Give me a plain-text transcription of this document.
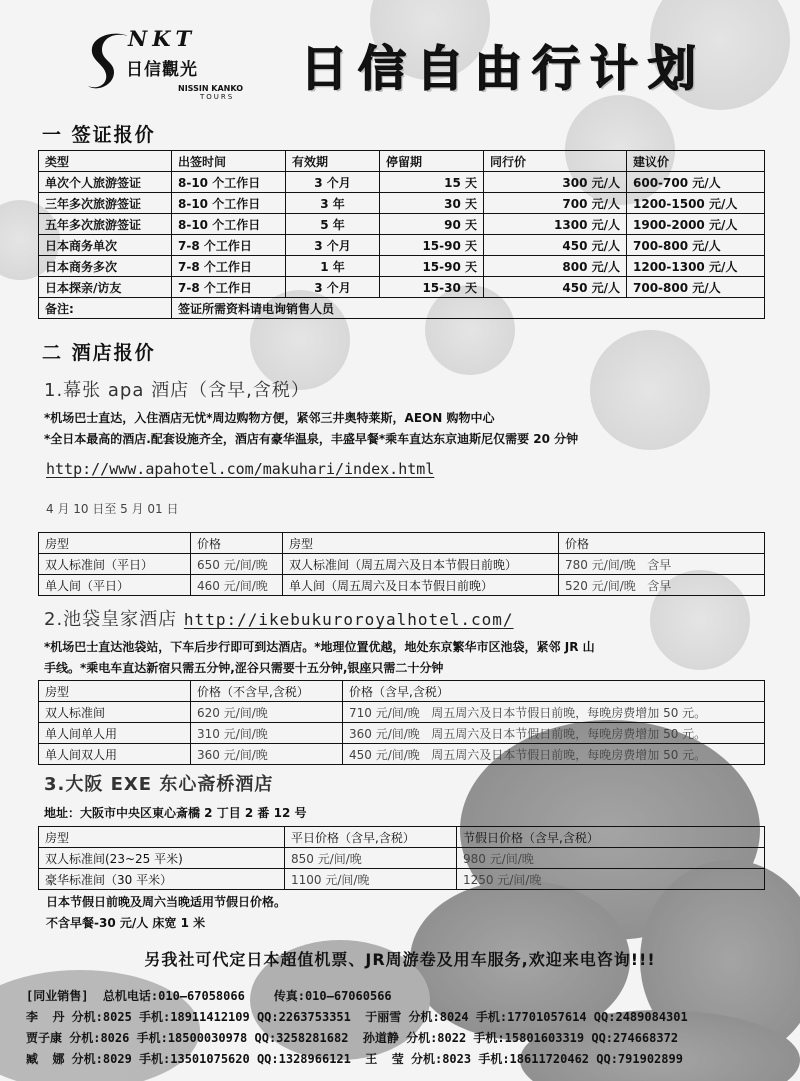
NKT
日信觀光
NISSIN KANKO
TOURS 日信自由行计划
一 签证报价
类型	出签时间	有效期	停留期	同行价	建议价
单次个人旅游签证	8-10 个工作日	3 个月	15 天	300 元/人	600-700 元/人
三年多次旅游签证	8-10 个工作日	3 年	30 天	700 元/人	1200-1500 元/人
五年多次旅游签证	8-10 个工作日	5 年	90 天	1300 元/人	1900-2000 元/人
日本商务单次	7-8 个工作日	3 个月	15-90 天	450 元/人	700-800 元/人
日本商务多次	7-8 个工作日	1 年	15-90 天	800 元/人	1200-1300 元/人
日本探亲/访友	7-8 个工作日	3 个月	15-30 天	450 元/人	700-800 元/人
备注:	签证所需资料请电询销售人员				
二 酒店报价
1.幕张 apa 酒店（含早,含税）
*机场巴士直达，入住酒店无忧*周边购物方便，紧邻三井奥特莱斯，AEON 购物中心
*全日本最高的酒店.配套设施齐全，酒店有豪华温泉，丰盛早餐*乘车直达东京迪斯尼仅需要 20 分钟
http://www.apahotel.com/makuhari/index.html
4 月 10 日至 5 月 01 日
房型	价格	房型	价格
双人标准间（平日）	650 元/间/晚	双人标准间（周五周六及日本节假日前晚）	780 元/间/晚   含早
单人间（平日）	460 元/间/晚	单人间（周五周六及日本节假日前晚）	520 元/间/晚   含早
2.池袋皇家酒店 http://ikebukuroroyalhotel.com/
*机场巴士直达池袋站，下车后步行即可到达酒店。*地理位置优越，地处东京繁华市区池袋，紧邻 JR 山
手线。*乘电车直达新宿只需五分钟,涩谷只需要十五分钟,银座只需二十分钟
房型	价格（不含早,含税）	价格（含早,含税）
双人标准间	620 元/间/晚	710 元/间/晚   周五周六及日本节假日前晚，每晚房费增加 50 元。
单人间单人用	310 元/间/晚	360 元/间/晚   周五周六及日本节假日前晚，每晚房费增加 50 元。
单人间双人用	360 元/间/晚	450 元/间/晚   周五周六及日本节假日前晚，每晚房费增加 50 元。
3.大阪 EXE 东心斋桥酒店
地址：大阪市中央区東心斎橋 2 丁目 2 番 12 号
房型	平日价格（含早,含税）	节假日价格（含早,含税）
双人标准间(23~25 平米)	850 元/间/晚	980 元/间/晚
豪华标准间（30 平米）	1100 元/间/晚	1250 元/间/晚
日本节假日前晚及周六当晚适用节假日价格。
不含早餐-30 元/人 床宽 1 米
另我社可代定日本超值机票、JR周游卷及用车服务,欢迎来电咨询!!!
[同业销售]  总机电话:010—67058066    传真:010—67060566
李  丹 分机:8025 手机:18911412109 QQ:2263753351  于丽雪 分机:8024 手机:17701057614 QQ:2489084301
贾子康 分机:8026 手机:18500030978 QQ:3258281682  孙道静 分机:8022 手机:15801603319 QQ:274668372
臧  娜 分机:8029 手机:13501075620 QQ:1328966121  王  莹 分机:8023 手机:18611720462 QQ:791902899
